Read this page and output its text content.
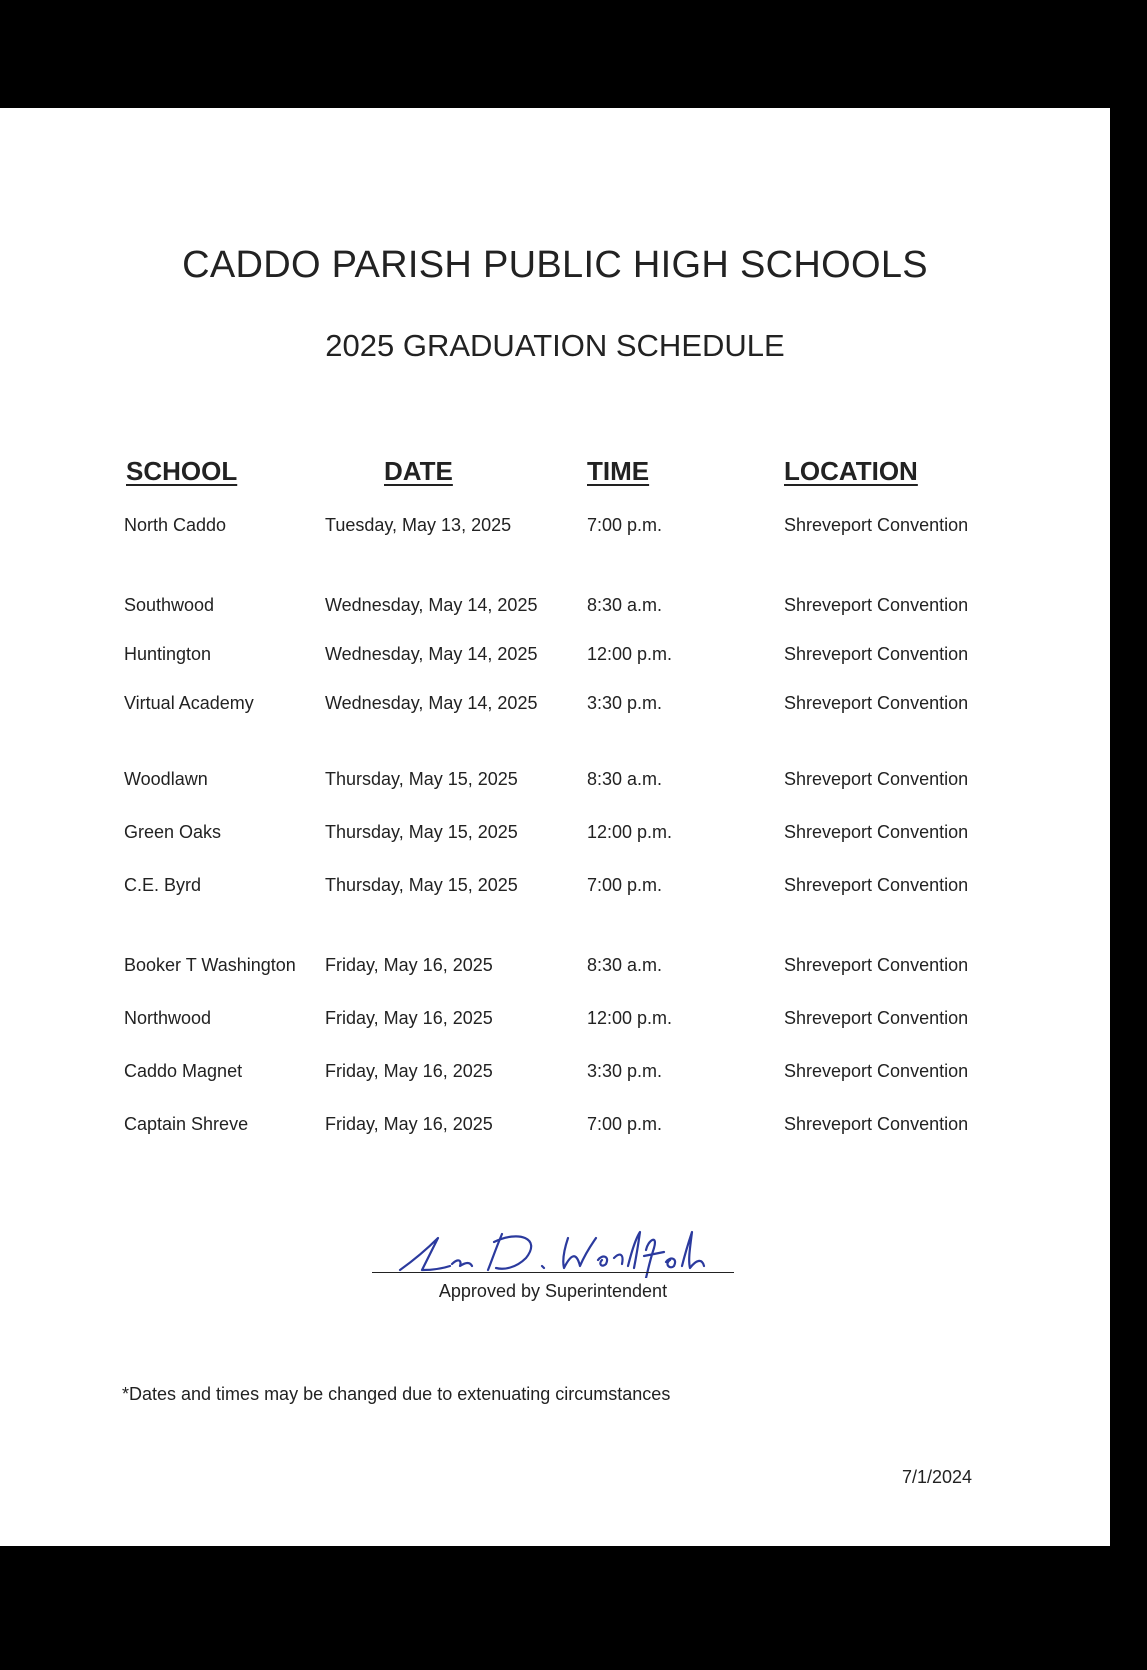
CADDO PARISH PUBLIC HIGH SCHOOLS
2025 GRADUATION SCHEDULE
SCHOOL	DATE	TIME	LOCATION
North Caddo	Tuesday, May 13, 2025	7:00 p.m.	Shreveport Convention
Southwood	Wednesday, May 14, 2025	8:30 a.m.	Shreveport Convention
Huntington	Wednesday, May 14, 2025	12:00 p.m.	Shreveport Convention
Virtual Academy	Wednesday, May 14, 2025	3:30 p.m.	Shreveport Convention
Woodlawn	Thursday, May 15, 2025	8:30 a.m.	Shreveport Convention
Green Oaks	Thursday, May 15, 2025	12:00 p.m.	Shreveport Convention
C.E. Byrd	Thursday, May 15, 2025	7:00 p.m.	Shreveport Convention
Booker T Washington Friday, May 16, 2025	8:30 a.m.	Shreveport Convention
Northwood	Friday, May 16, 2025	12:00 p.m.	Shreveport Convention
Caddo Magnet	Friday, May 16, 2025	3:30 p.m.	Shreveport Convention
Captain Shreve	Friday, May 16, 2025	7:00 p.m.	Shreveport Convention
Approved by Superintendent
*Dates and times may be changed due to extenuating circumstances
7/1/2024
